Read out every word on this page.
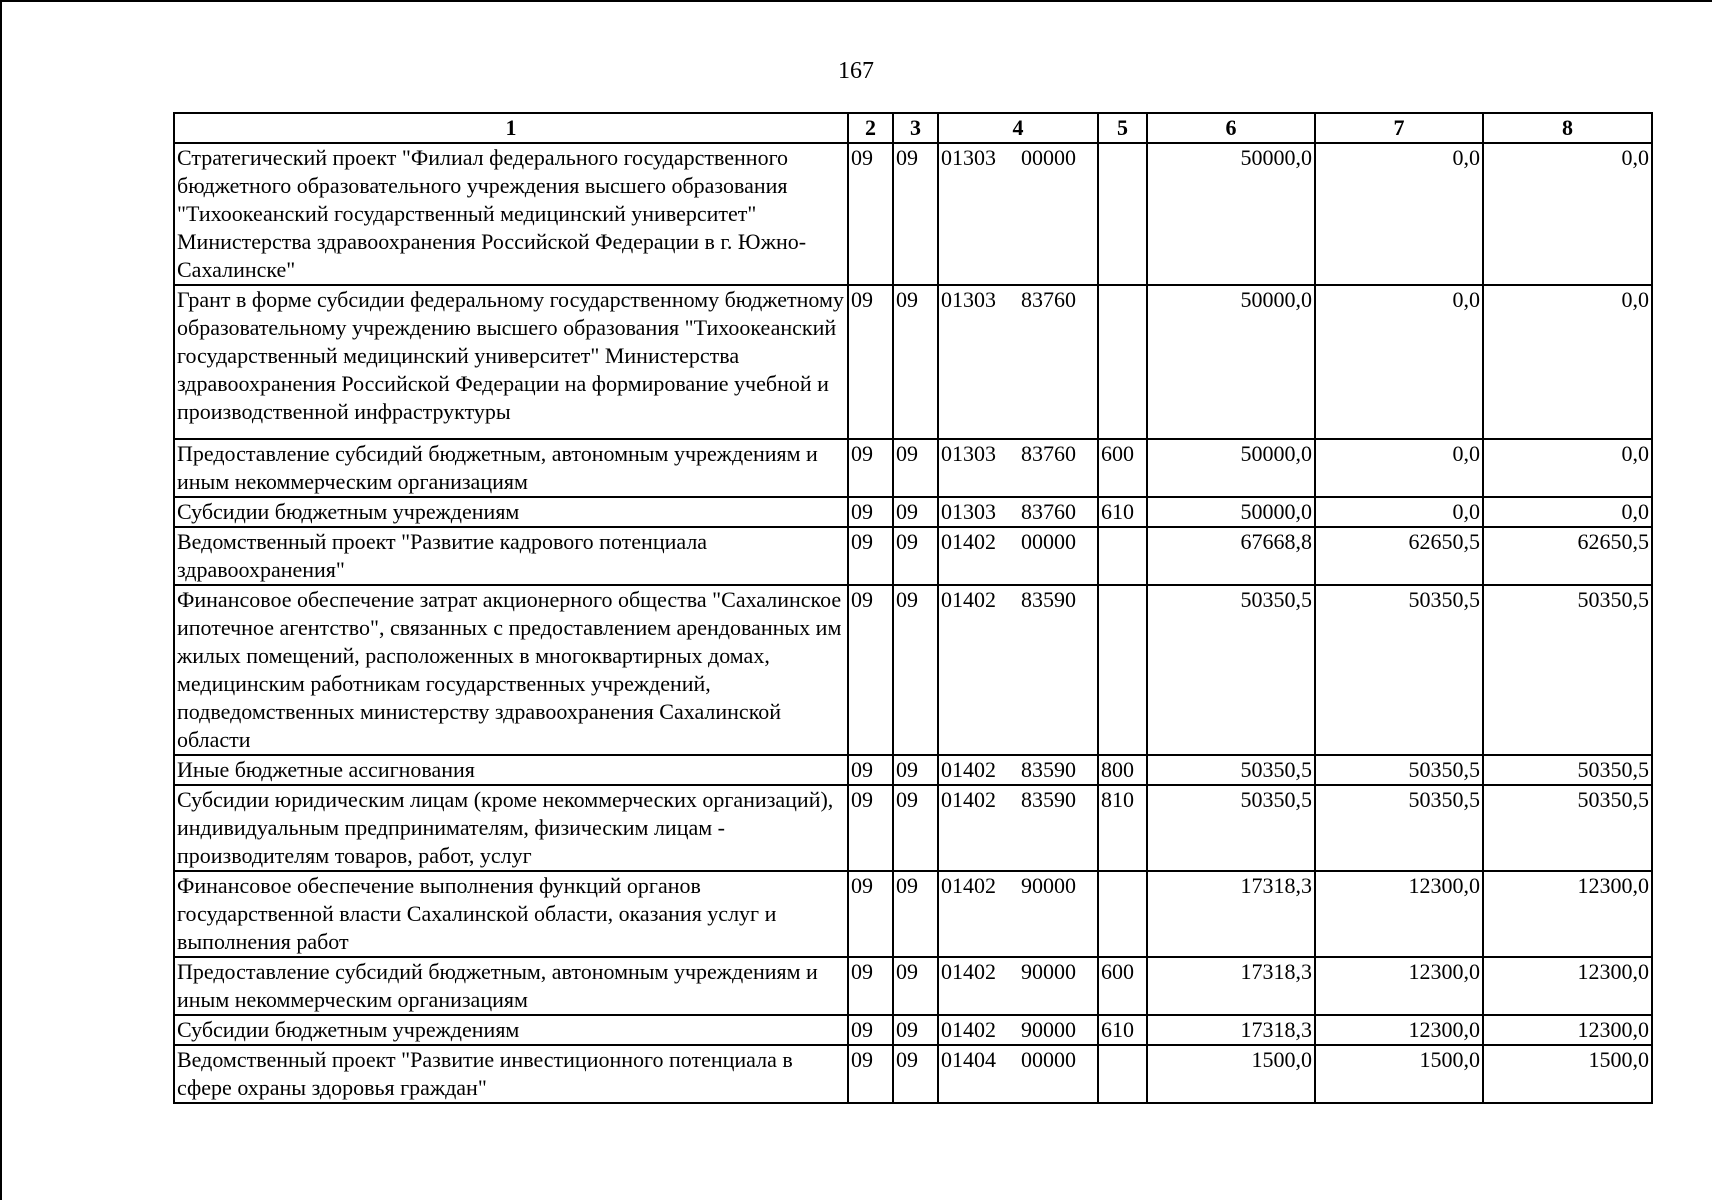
167
1	2	3	4	5	6	7	8
Стратегический проект "Филиал федерального государственного бюджетного образовательного учреждения высшего образования "Тихоокеанский государственный медицинский университет" Министерства здравоохранения Российской Федерации в г. Южно-Сахалинске"	09	09	01303 00000		50000,0	0,0	0,0
Грант в форме субсидии федеральному государственному бюджетному образовательному учреждению высшего образования "Тихоокеанский государственный медицинский университет" Министерства здравоохранения Российской Федерации на формирование учебной и производственной инфраструктуры	09	09	01303 83760		50000,0	0,0	0,0
Предоставление субсидий бюджетным, автономным учреждениям и иным некоммерческим организациям	09	09	01303 83760	600	50000,0	0,0	0,0
Субсидии бюджетным учреждениям	09	09	01303 83760	610	50000,0	0,0	0,0
Ведомственный проект "Развитие кадрового потенциала здравоохранения"	09	09	01402 00000		67668,8	62650,5	62650,5
Финансовое обеспечение затрат акционерного общества "Сахалинское ипотечное агентство", связанных с предоставлением арендованных им жилых помещений, расположенных в многоквартирных домах, медицинским работникам государственных учреждений, подведомственных министерству здравоохранения Сахалинской области	09	09	01402 83590		50350,5	50350,5	50350,5
Иные бюджетные ассигнования	09	09	01402 83590	800	50350,5	50350,5	50350,5
Субсидии юридическим лицам (кроме некоммерческих организаций), индивидуальным предпринимателям, физическим лицам - производителям товаров, работ, услуг	09	09	01402 83590	810	50350,5	50350,5	50350,5
Финансовое обеспечение выполнения функций органов государственной власти Сахалинской области, оказания услуг и выполнения работ	09	09	01402 90000		17318,3	12300,0	12300,0
Предоставление субсидий бюджетным, автономным учреждениям и иным некоммерческим организациям	09	09	01402 90000	600	17318,3	12300,0	12300,0
Субсидии бюджетным учреждениям	09	09	01402 90000	610	17318,3	12300,0	12300,0
Ведомственный проект "Развитие инвестиционного потенциала в сфере охраны здоровья граждан"	09	09	01404 00000		1500,0	1500,0	1500,0
